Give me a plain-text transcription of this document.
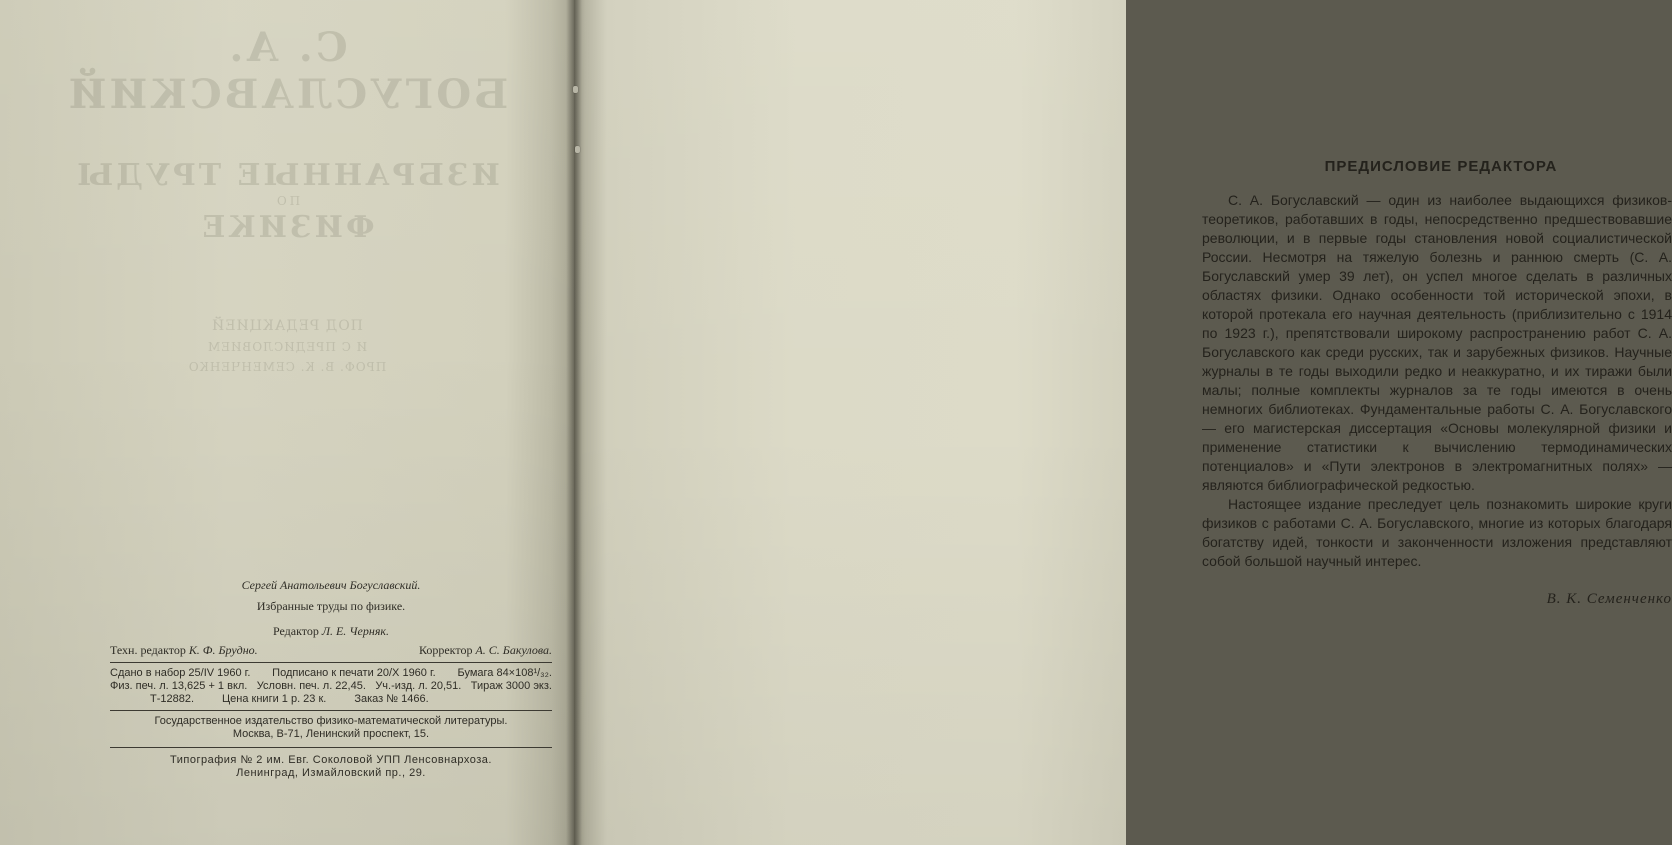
С. А. БОГУСЛАВСКИЙ
ИЗБРАННЫЕ ТРУДЫ
ПО
ФИЗИКЕ
ПОД РЕДАКЦИЕЙ
И С ПРЕДИСЛОВИЕМ
ПРОФ. В. К. СЕМЕНЧЕНКО
Сергей Анатольевич Богуславский.
Избранные труды по физике.
Редактор Л. Е. Черняк.
Техн. редактор К. Ф. Брудно.	Корректор А. С. Бакулова.
Сдано в набор 25/IV 1960 г. Подписано к печати 20/X 1960 г. Бумага 84×108¹/₃₂.
Физ. печ. л. 13,625 + 1 вкл. Условн. печ. л. 22,45. Уч.-изд. л. 20,51. Тираж 3000 экз.
Т-12882.	Цена книги 1 р. 23 к.	Заказ № 1466.
Государственное издательство физико-математической литературы.
Москва, В-71, Ленинский проспект, 15.
Типография № 2 им. Евг. Соколовой УПП Ленсовнархоза.
Ленинград, Измайловский пр., 29.
ПРЕДИСЛОВИЕ РЕДАКТОРА

С. А. Богуславский — один из наиболее выдающихся физиков-теоретиков, работавших в годы, непосредственно предшествовавшие революции, и в первые годы становления новой социалистической России. Несмотря на тяжелую болезнь и раннюю смерть (С. А. Богуславский умер 39 лет), он успел многое сделать в различных областях физики. Однако особенности той исторической эпохи, в которой протекала его научная деятельность (приблизительно с 1914 по 1923 г.), препятствовали широкому распространению работ С. А. Богуславского как среди русских, так и зарубежных физиков. Научные журналы в те годы выходили редко и неаккуратно, и их тиражи были малы; полные комплекты журналов за те годы имеются в очень немногих библиотеках. Фундаментальные работы С. А. Богуславского — его магистерская диссертация «Основы молекулярной физики и применение статистики к вычислению термодинамических потенциалов» и «Пути электронов в электромагнитных полях» — являются библиографической редкостью.

Настоящее издание преследует цель познакомить широкие круги физиков с работами С. А. Богуславского, многие из которых благодаря богатству идей, тонкости и законченности изложения представляют собой большой научный интерес.

В. К. Семенченко
